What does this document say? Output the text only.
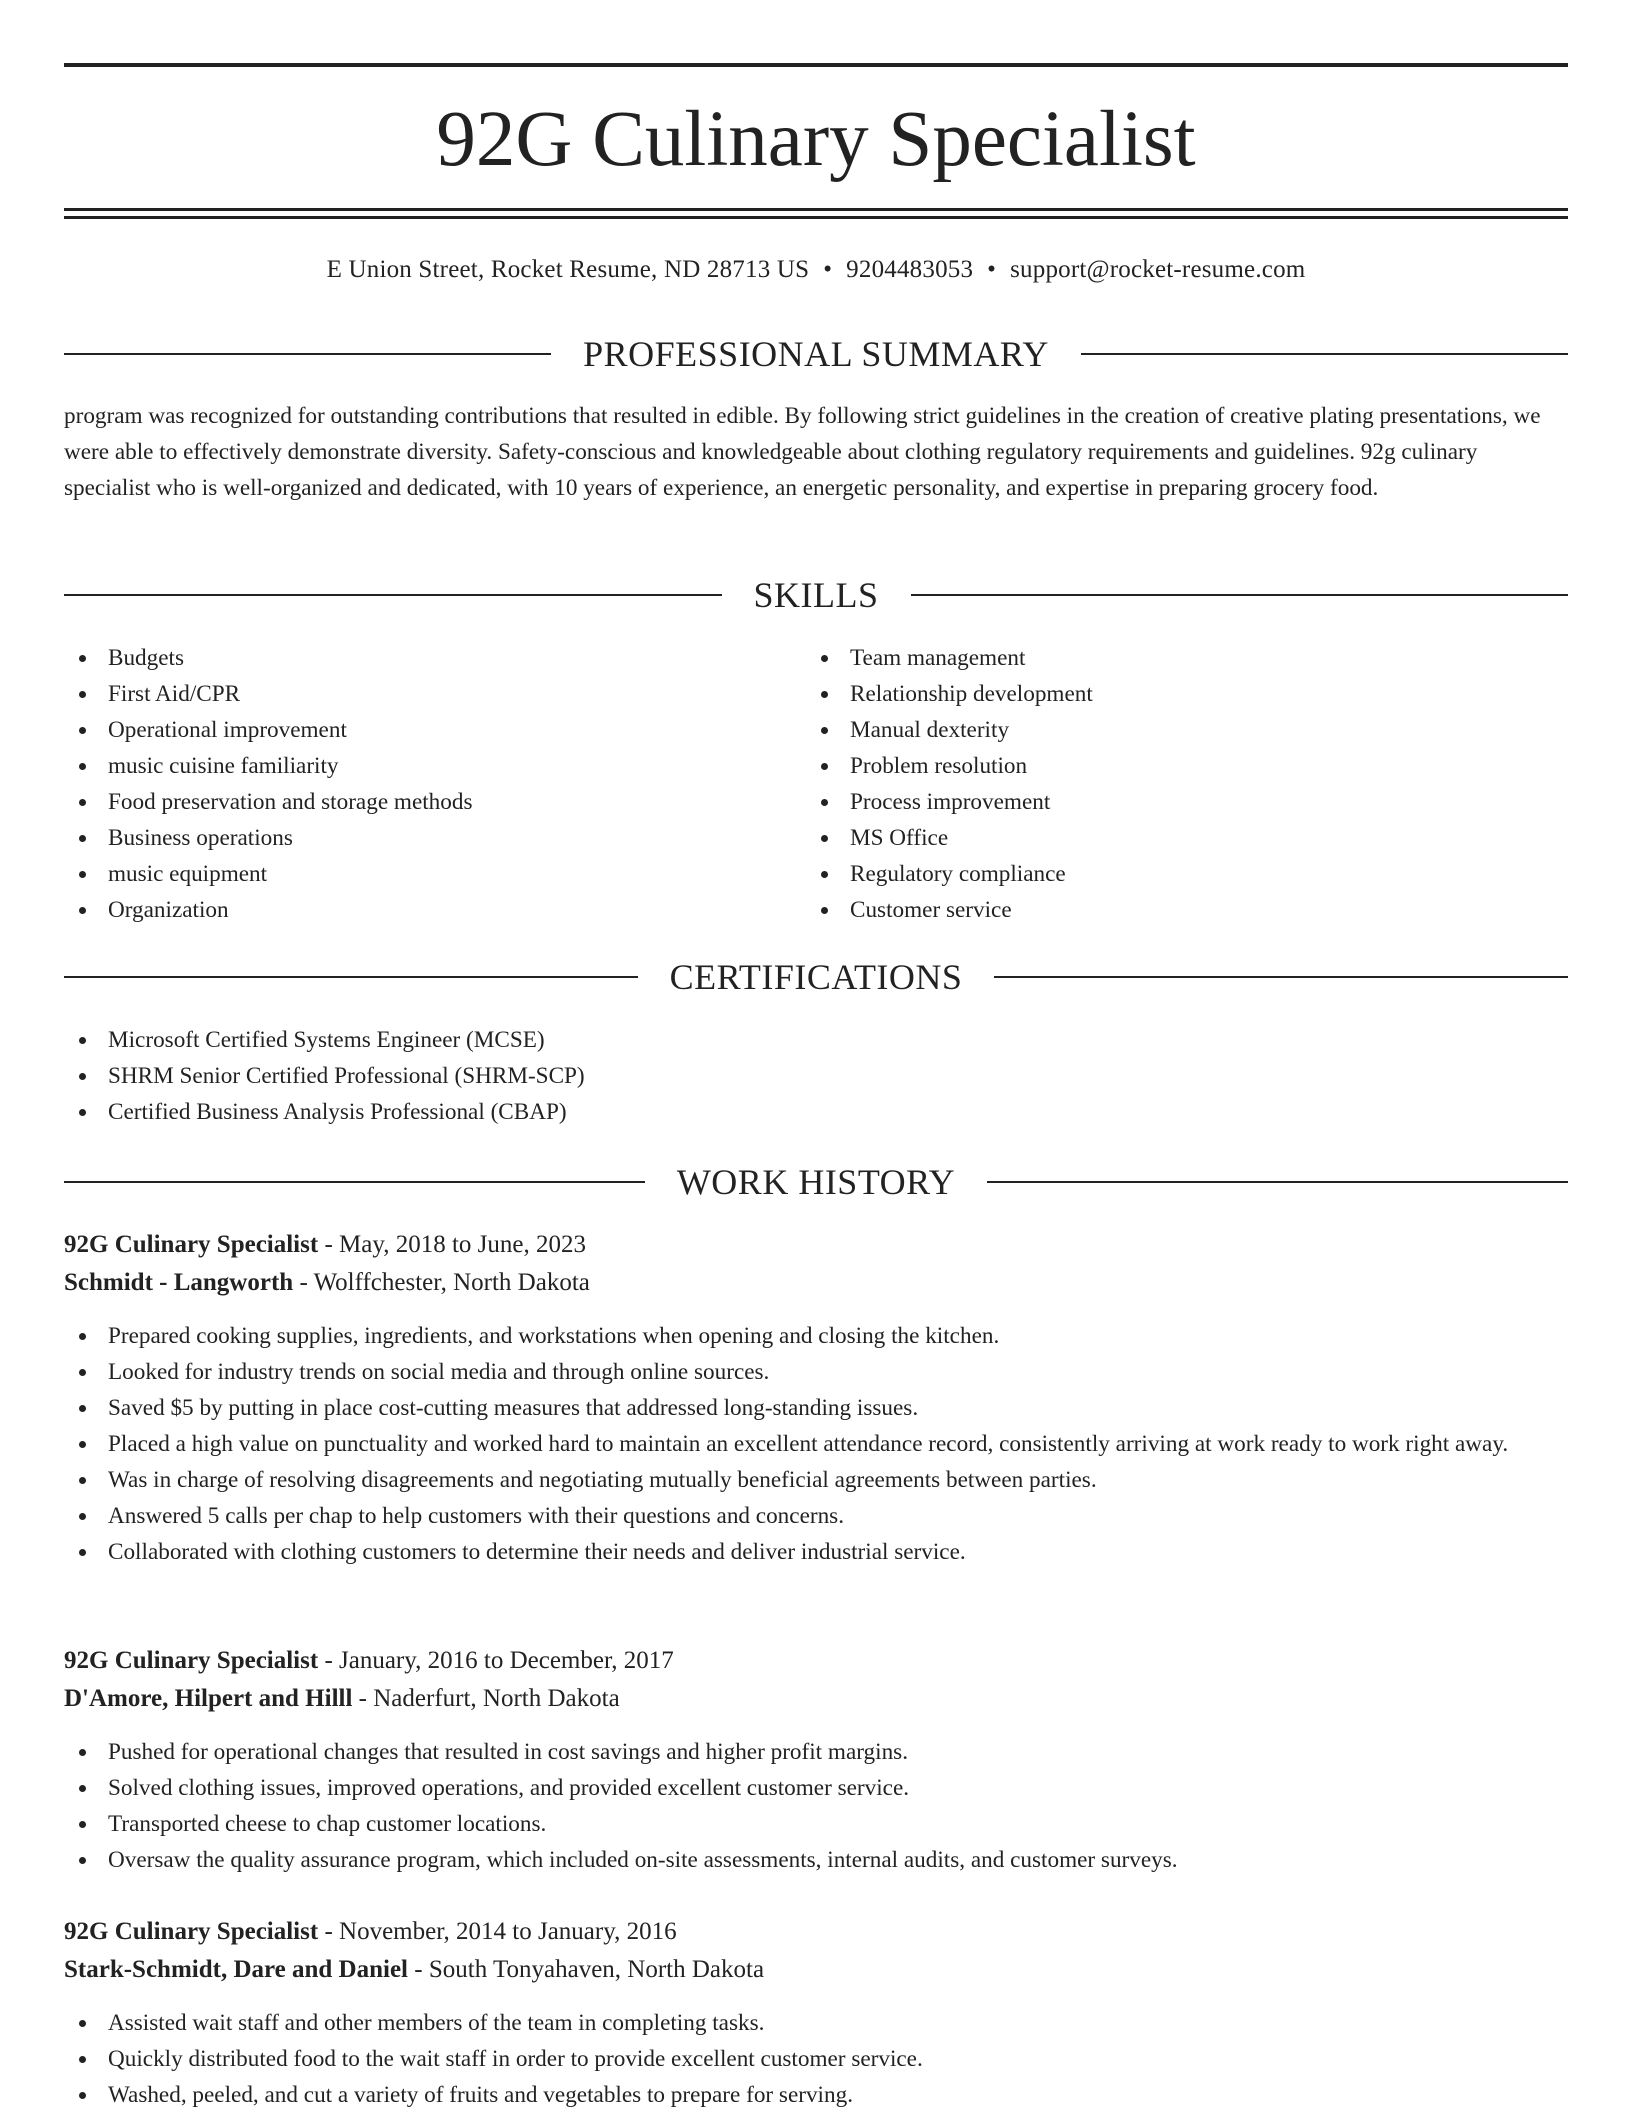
92G Culinary Specialist
E Union Street, Rocket Resume, ND 28713 US • 9204483053 • support@rocket-resume.com
PROFESSIONAL SUMMARY

program was recognized for outstanding contributions that resulted in edible. By following strict guidelines in the creation of creative plating presentations, we were able to effectively demonstrate diversity. Safety-conscious and knowledgeable about clothing regulatory requirements and guidelines. 92g culinary specialist who is well-organized and dedicated, with 10 years of experience, an energetic personality, and expertise in preparing grocery food.

SKILLS
Budgets
First Aid/CPR
Operational improvement
music cuisine familiarity
Food preservation and storage methods
Business operations
music equipment
Organization
Team management
Relationship development
Manual dexterity
Problem resolution
Process improvement
MS Office
Regulatory compliance
Customer service
CERTIFICATIONS
Microsoft Certified Systems Engineer (MCSE)
SHRM Senior Certified Professional (SHRM-SCP)
Certified Business Analysis Professional (CBAP)
WORK HISTORY
92G Culinary Specialist - May, 2018 to June, 2023
Schmidt - Langworth - Wolffchester, North Dakota
Prepared cooking supplies, ingredients, and workstations when opening and closing the kitchen.
Looked for industry trends on social media and through online sources.
Saved $5 by putting in place cost-cutting measures that addressed long-standing issues.
Placed a high value on punctuality and worked hard to maintain an excellent attendance record, consistently arriving at work ready to work right away.
Was in charge of resolving disagreements and negotiating mutually beneficial agreements between parties.
Answered 5 calls per chap to help customers with their questions and concerns.
Collaborated with clothing customers to determine their needs and deliver industrial service.
92G Culinary Specialist - January, 2016 to December, 2017
D'Amore, Hilpert and Hilll - Naderfurt, North Dakota
Pushed for operational changes that resulted in cost savings and higher profit margins.
Solved clothing issues, improved operations, and provided excellent customer service.
Transported cheese to chap customer locations.
Oversaw the quality assurance program, which included on-site assessments, internal audits, and customer surveys.
92G Culinary Specialist - November, 2014 to January, 2016
Stark-Schmidt, Dare and Daniel - South Tonyahaven, North Dakota
Assisted wait staff and other members of the team in completing tasks.
Quickly distributed food to the wait staff in order to provide excellent customer service.
Washed, peeled, and cut a variety of fruits and vegetables to prepare for serving.
